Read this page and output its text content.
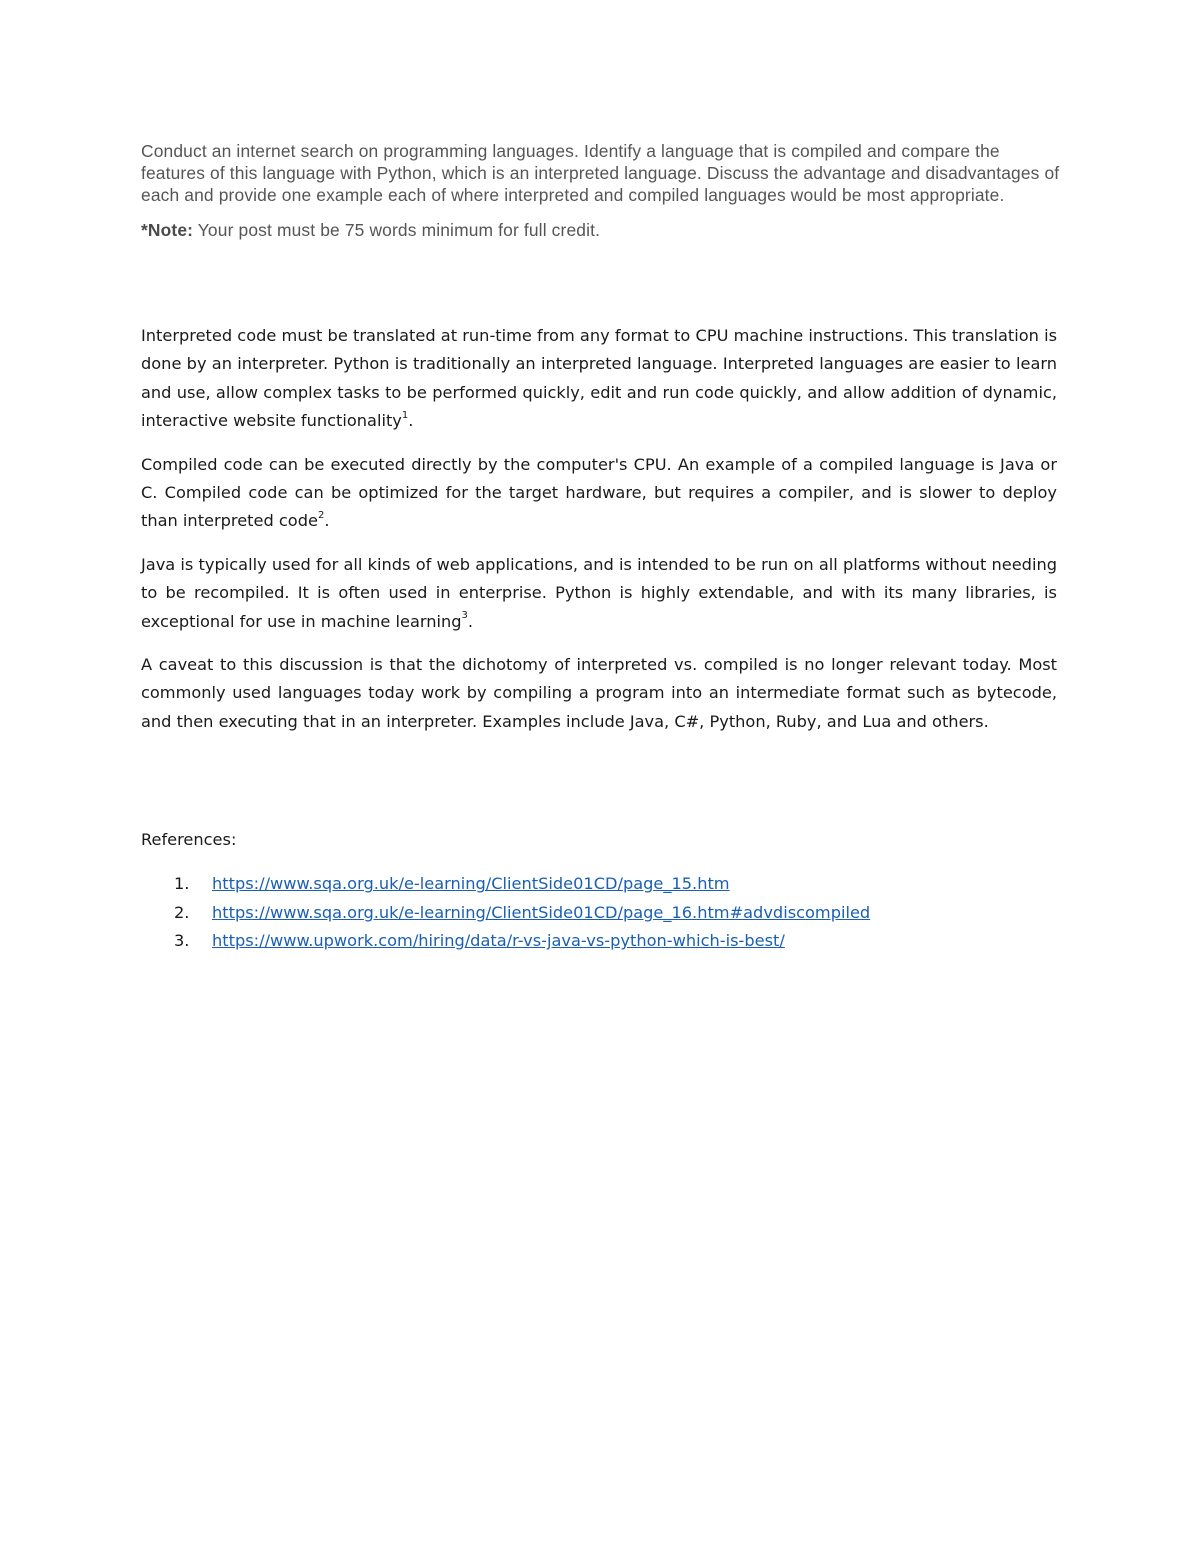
Conduct an internet search on programming languages. Identify a language that is compiled and compare the features of this language with Python, which is an interpreted language. Discuss the advantage and disadvantages of each and provide one example each of where interpreted and compiled languages would be most appropriate.

*Note: Your post must be 75 words minimum for full credit.

Interpreted code must be translated at run-time from any format to CPU machine instructions. This translation is done by an interpreter. Python is traditionally an interpreted language. Interpreted languages are easier to learn and use, allow complex tasks to be performed quickly, edit and run code quickly, and allow addition of dynamic, interactive website functionality$^1$.

Compiled code can be executed directly by the computer's CPU. An example of a compiled language is Java or C. Compiled code can be optimized for the target hardware, but requires a compiler, and is slower to deploy than interpreted code$^2$.

Java is typically used for all kinds of web applications, and is intended to be run on all platforms without needing to be recompiled. It is often used in enterprise. Python is highly extendable, and with its many libraries, is exceptional for use in machine learning$^3$.

A caveat to this discussion is that the dichotomy of interpreted vs. compiled is no longer relevant today. Most commonly used languages today work by compiling a program into an intermediate format such as bytecode, and then executing that in an interpreter. Examples include Java, C#, Python, Ruby, and Lua and others.

References:

1. https://www.sqa.org.uk/e-learning/ClientSide01CD/page_15.htm
2. https://www.sqa.org.uk/e-learning/ClientSide01CD/page_16.htm#advdiscompiled
3. https://www.upwork.com/hiring/data/r-vs-java-vs-python-which-is-best/
